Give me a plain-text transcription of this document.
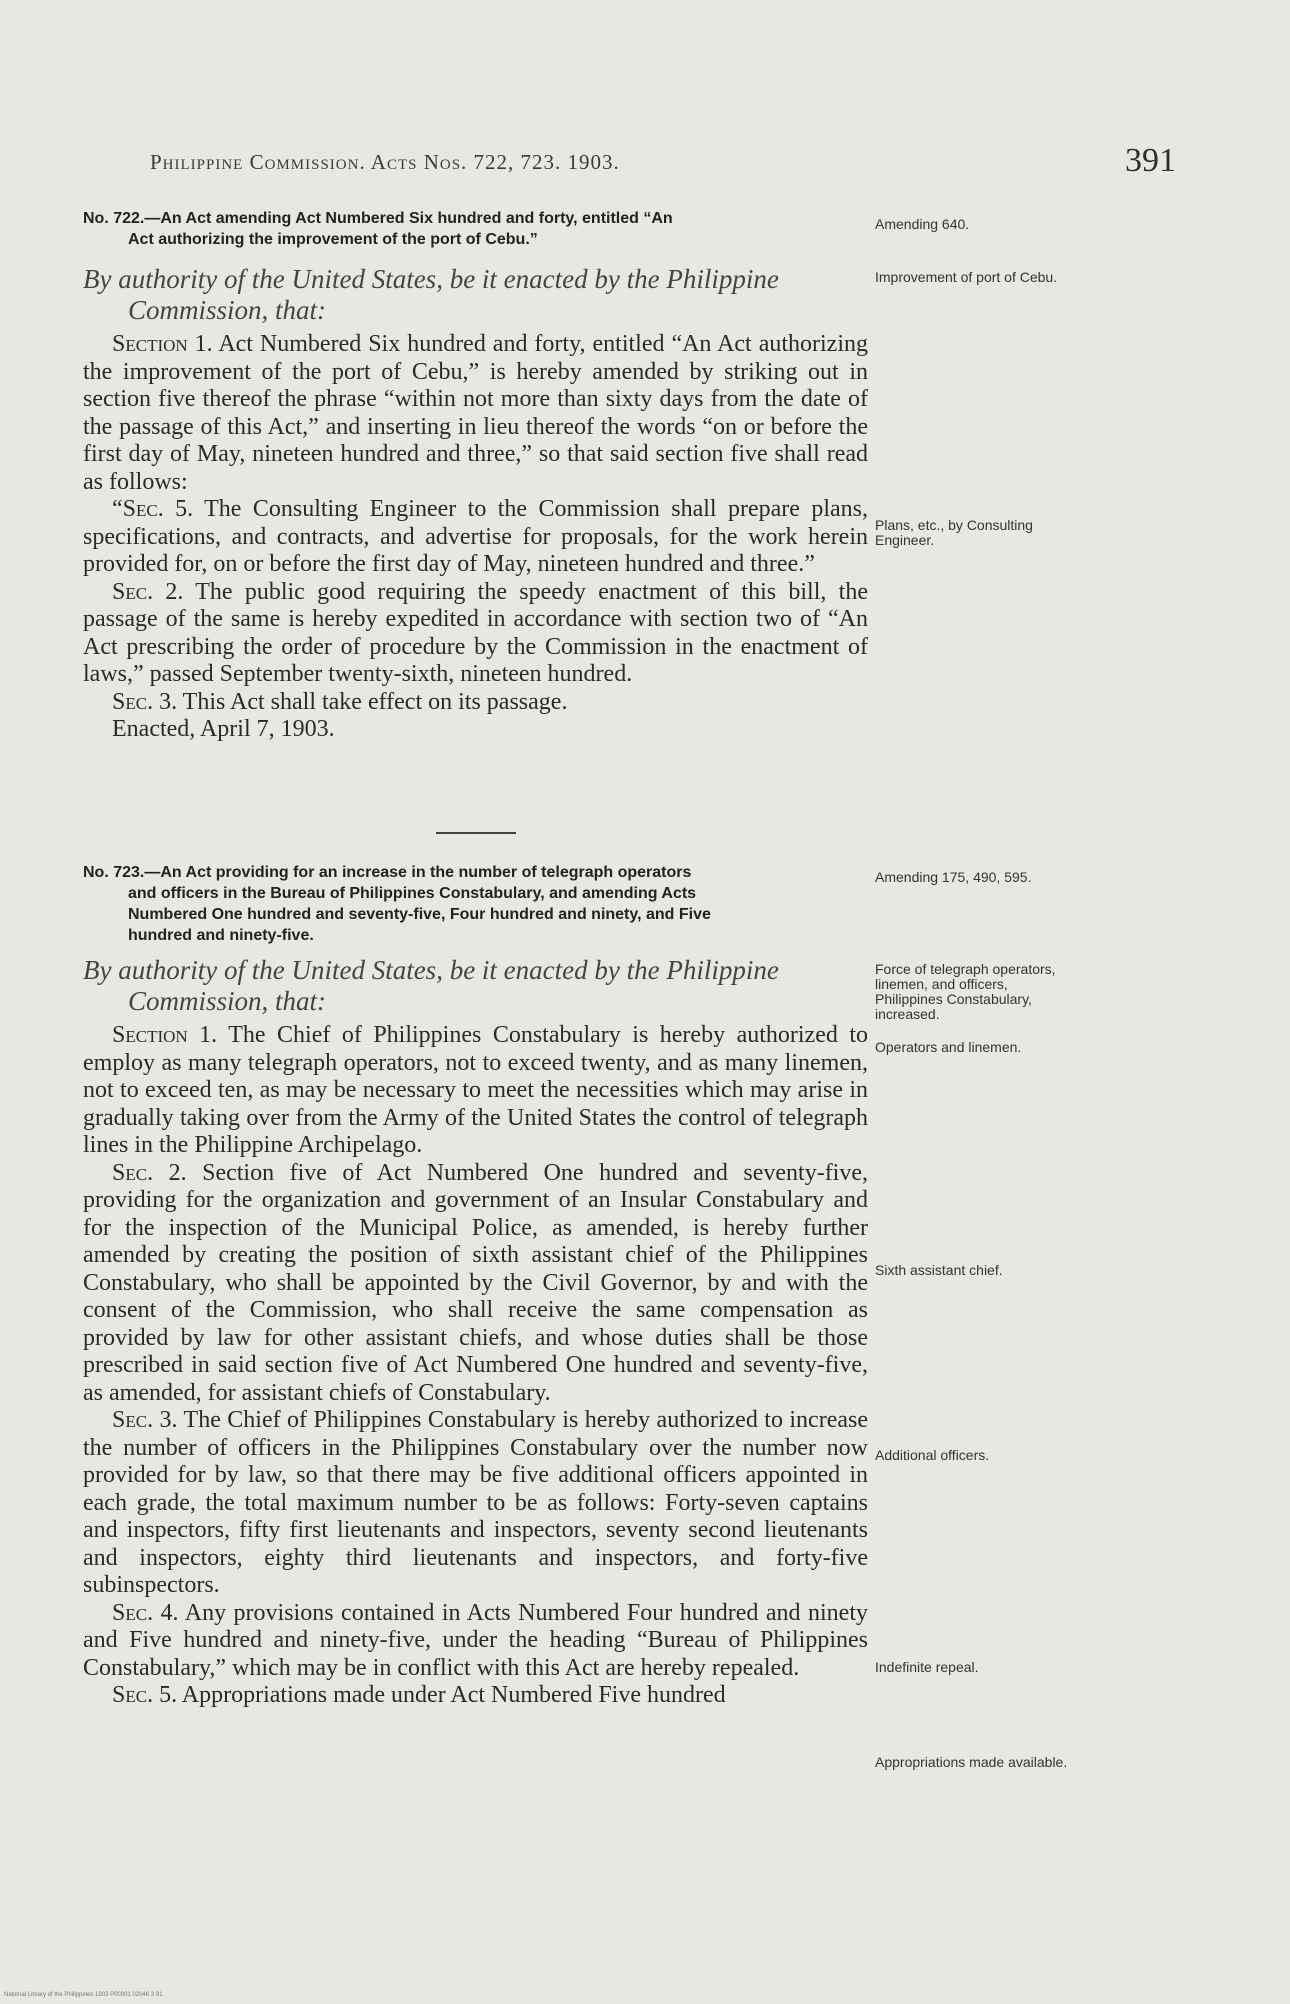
Philippine Commission. Acts Nos. 722, 723. 1903.	391
No. 722.—An Act amending Act Numbered Six hundred and forty, entitled “An
Act authorizing the improvement of the port of Cebu.”
Amending 640.
By authority of the United States, be it enacted by the Philippine
Commission, that:
Improvement of port of Cebu.

Section 1. Act Numbered Six hundred and forty, entitled “An Act authorizing the improvement of the port of Cebu,” is hereby amended by striking out in section five thereof the phrase “within not more than sixty days from the date of the passage of this Act,” and inserting in lieu thereof the words “on or before the first day of May, nineteen hundred and three,” so that said section five shall read as follows:

“Sec. 5. The Consulting Engineer to the Commission shall prepare plans, specifications, and contracts, and advertise for proposals, for the work herein provided for, on or before the first day of May, nineteen hundred and three.”

Sec. 2. The public good requiring the speedy enactment of this bill, the passage of the same is hereby expedited in accordance with section two of “An Act prescribing the order of procedure by the Commission in the enactment of laws,” passed September twenty-sixth, nineteen hundred.

Sec. 3. This Act shall take effect on its passage.

Enacted, April 7, 1903.

Plans, etc., by Consulting Engineer.
No. 723.—An Act providing for an increase in the number of telegraph operators

and officers in the Bureau of Philippines Constabulary, and amending Acts
Numbered One hundred and seventy-five, Four hundred and ninety, and Five
hundred and ninety-five.
Amending 175, 490, 595.
By authority of the United States, be it enacted by the Philippine
Commission, that:
Force of telegraph operators, linemen, and officers, Philippines Constabulary, increased.
Operators and linemen.

Section 1. The Chief of Philippines Constabulary is hereby authorized to employ as many telegraph operators, not to exceed twenty, and as many linemen, not to exceed ten, as may be necessary to meet the necessities which may arise in gradually taking over from the Army of the United States the control of telegraph lines in the Philippine Archipelago.

Sec. 2. Section five of Act Numbered One hundred and seventy-five, providing for the organization and government of an Insular Constabulary and for the inspection of the Municipal Police, as amended, is hereby further amended by creating the position of sixth assistant chief of the Philippines Constabulary, who shall be appointed by the Civil Governor, by and with the consent of the Commission, who shall receive the same compensation as provided by law for other assistant chiefs, and whose duties shall be those prescribed in said section five of Act Numbered One hundred and seventy-five, as amended, for assistant chiefs of Constabulary.

Sec. 3. The Chief of Philippines Constabulary is hereby authorized to increase the number of officers in the Philippines Constabulary over the number now provided for by law, so that there may be five additional officers appointed in each grade, the total maximum number to be as follows: Forty-seven captains and inspectors, fifty first lieutenants and inspectors, seventy second lieutenants and inspectors, eighty third lieutenants and inspectors, and forty-five subinspectors.

Sec. 4. Any provisions contained in Acts Numbered Four hundred and ninety and Five hundred and ninety-five, under the heading “Bureau of Philippines Constabulary,” which may be in conflict with this Act are hereby repealed.

Sec. 5. Appropriations made under Act Numbered Five hundred

Sixth assistant chief.
Additional officers.
Indefinite repeal.
Appropriations made available.
National Library of the Philippines 1903 P00001 02046 3 91
